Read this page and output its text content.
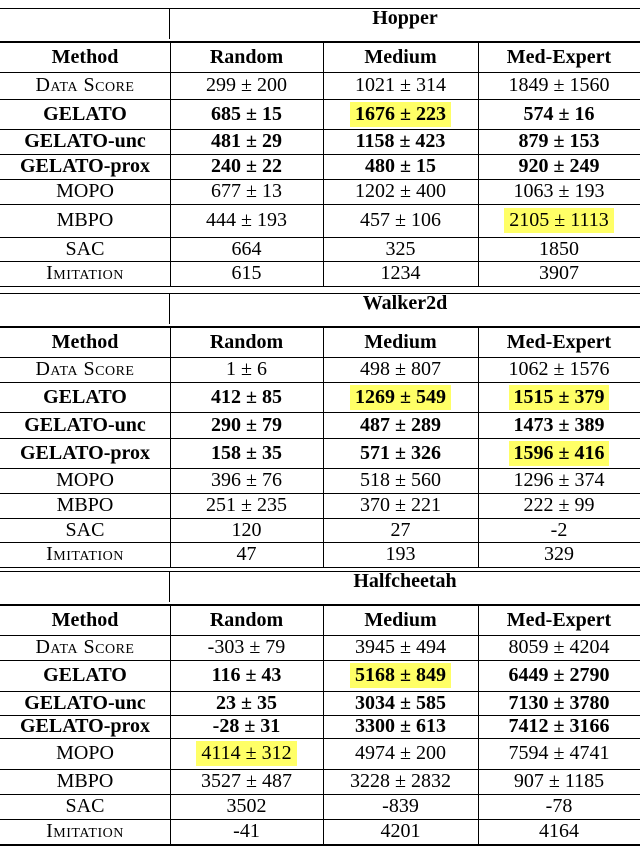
Hopper
Method	Random	Medium	Med-Expert
Data Score	299 ± 200	1021 ± 314	1849 ± 1560
GELATO	685 ± 15	1676 ± 223	574 ± 16
GELATO-unc	481 ± 29	1158 ± 423	879 ± 153
GELATO-prox	240 ± 22	480 ± 15	920 ± 249
MOPO	677 ± 13	1202 ± 400	1063 ± 193
MBPO	444 ± 193	457 ± 106	2105 ± 1113
SAC	664	325	1850
Imitation	615	1234	3907
Walker2d
Method	Random	Medium	Med-Expert
Data Score	1 ± 6	498 ± 807	1062 ± 1576
GELATO	412 ± 85	1269 ± 549	1515 ± 379
GELATO-unc	290 ± 79	487 ± 289	1473 ± 389
GELATO-prox	158 ± 35	571 ± 326	1596 ± 416
MOPO	396 ± 76	518 ± 560	1296 ± 374
MBPO	251 ± 235	370 ± 221	222 ± 99
SAC	120	27	-2
Imitation	47	193	329
Halfcheetah
Method	Random	Medium	Med-Expert
Data Score	-303 ± 79	3945 ± 494	8059 ± 4204
GELATO	116 ± 43	5168 ± 849	6449 ± 2790
GELATO-unc	23 ± 35	3034 ± 585	7130 ± 3780
GELATO-prox	-28 ± 31	3300 ± 613	7412 ± 3166
MOPO	4114 ± 312	4974 ± 200	7594 ± 4741
MBPO	3527 ± 487	3228 ± 2832	907 ± 1185
SAC	3502	-839	-78
Imitation	-41	4201	4164
